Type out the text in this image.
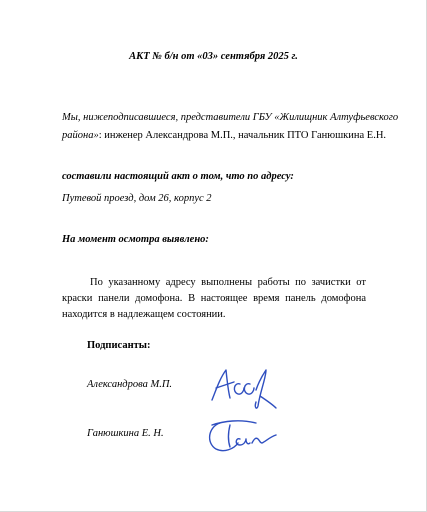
АКТ № б/н от «03» сентября 2025 г.
Мы, нижеподписавшиеся, представители ГБУ «Жилищник Алтуфьевского
района»: инженер Александрова М.П., начальник ПТО Ганюшкина Е.Н.
составили настоящий акт о том, что по адресу:
Путевой проезд, дом 26, корпус 2
На момент осмотра выявлено:
По указанному адресу выполнены работы по зачистки от краски панели домофона. В настоящее время панель домофона находится в надлежащем состоянии.
Подписанты:
Александрова М.П.
Ганюшкина Е. Н.
